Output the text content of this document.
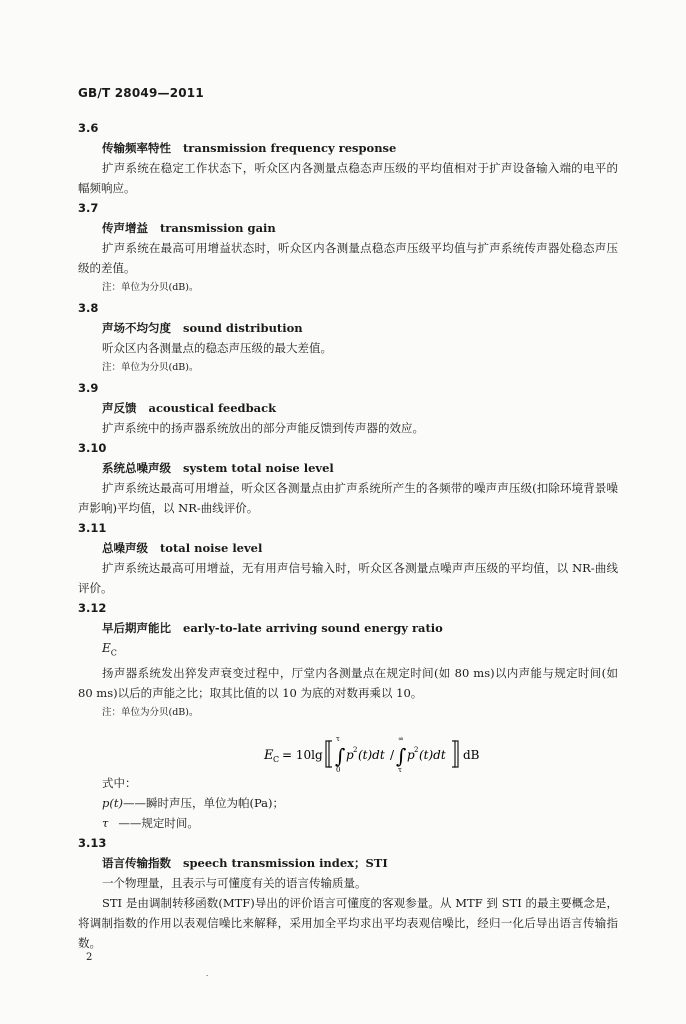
GB/T 28049—2011
3.6
传输频率特性 transmission frequency response
扩声系统在稳定工作状态下，听众区内各测量点稳态声压级的平均值相对于扩声设备输入端的电平的幅频响应。
3.7
传声增益 transmission gain
扩声系统在最高可用增益状态时，听众区内各测量点稳态声压级平均值与扩声系统传声器处稳态声压级的差值。
注：单位为分贝(dB)。
3.8
声场不均匀度 sound distribution
听众区内各测量点的稳态声压级的最大差值。
注：单位为分贝(dB)。
3.9
声反馈 acoustical feedback
扩声系统中的扬声器系统放出的部分声能反馈到传声器的效应。
3.10
系统总噪声级 system total noise level
扩声系统达最高可用增益，听众区各测量点由扩声系统所产生的各频带的噪声声压级(扣除环境背景噪声影响)平均值，以 NR-曲线评价。
3.11
总噪声级 total noise level
扩声系统达最高可用增益，无有用声信号输入时，听众区各测量点噪声声压级的平均值，以 NR-曲线评价。
3.12
早后期声能比 early-to-late arriving sound energy ratio
$E_C$
扬声器系统发出猝发声衰变过程中，厅堂内各测量点在规定时间(如 80 ms)以内声能与规定时间(如 80 ms)以后的声能之比；取其比值的以 10 为底的对数再乘以 10。
注：单位为分贝(dB)。
E C = 10lg ∫
τ
0
p 2 (t)dt / ∫
∞
τ
p 2 (t)dt dB
式中：
p(t)——瞬时声压，单位为帕(Pa)；
τ ——规定时间。
3.13
语言传输指数 speech transmission index；STI
一个物理量，且表示与可懂度有关的语言传输质量。
STI 是由调制转移函数(MTF)导出的评价语言可懂度的客观参量。从 MTF 到 STI 的最主要概念是，将调制指数的作用以表观信噪比来解释，采用加全平均求出平均表观信噪比，经归一化后导出语言传输指数。
2
·
